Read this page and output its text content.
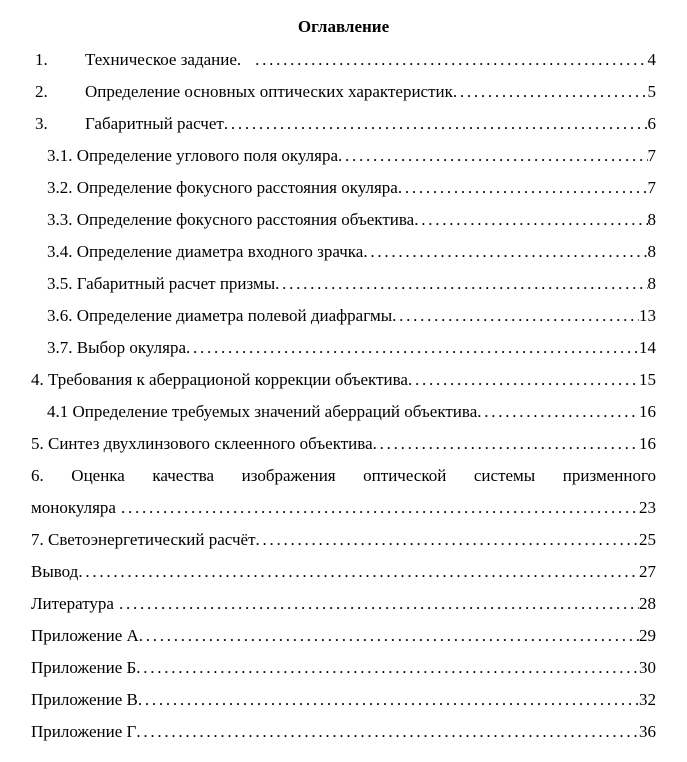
Оглавление
1.	Техническое задание. .....	4
2.	Определение основных оптических характеристик .....	5
3.	Габаритный расчет .....	6
3.1. Определение углового поля окуляра .....	7
3.2. Определение фокусного расстояния окуляра .....	7
3.3. Определение фокусного расстояния объектива .....	8
3.4. Определение диаметра входного зрачка .....	8
3.5. Габаритный расчет призмы .....	8
3.6. Определение диаметра полевой диафрагмы .....	13
3.7. Выбор окуляра .....	14
4. Требования к аберрационой коррекции объектива .....	15
4.1 Определение требуемых значений аберраций объектива .....	16
5. Синтез двухлинзового склеенного объектива .....	16
6. Оценка качества изображения оптической системы призменного
монокуляра .....	23
7. Светоэнергетический расчёт .....	25
Вывод .....	27
Литература .....	28
Приложение А .....	29
Приложение Б .....	30
Приложение В .....	32
Приложение Г .....	36
